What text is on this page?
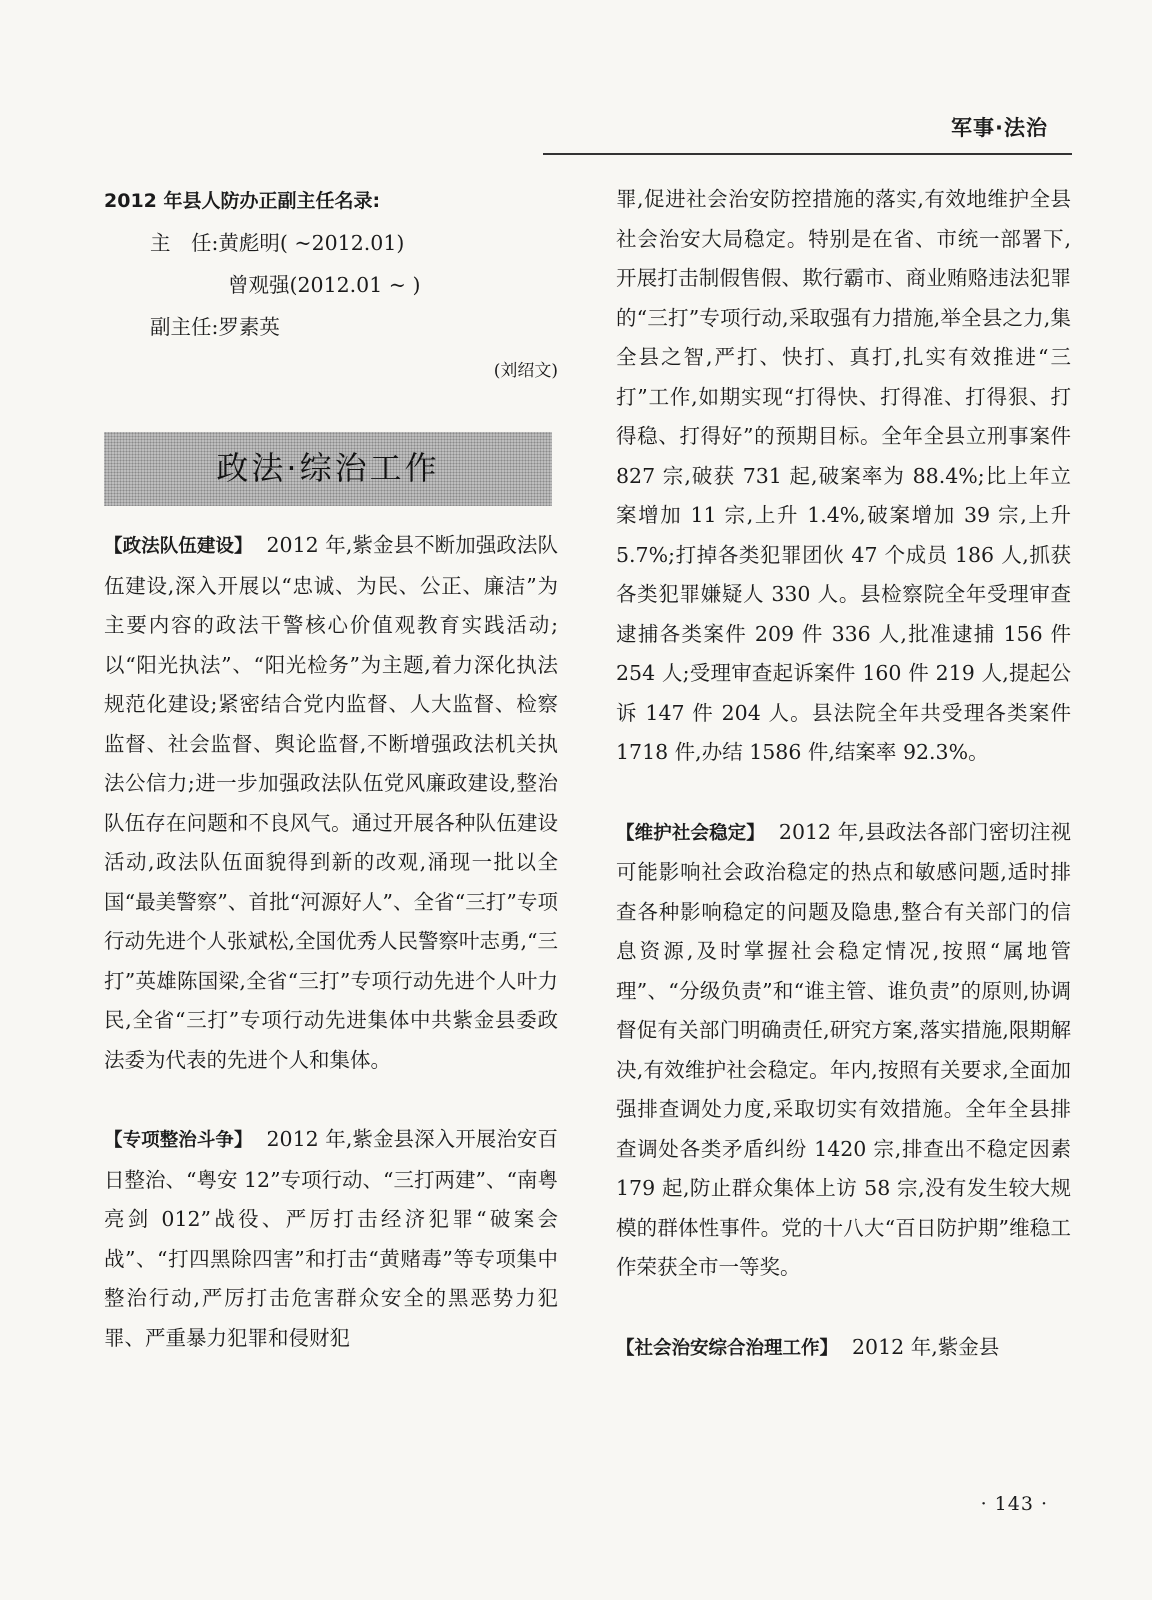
军事·法治
2012 年县人防办正副主任名录:
主　任:黄彪明( ~2012.01)
曾观强(2012.01 ~ )
副主任:罗素英
(刘绍文)
政法·综治工作

【政法队伍建设】 2012 年,紫金县不断加强政法队伍建设,深入开展以“忠诚、为民、公正、廉洁”为主要内容的政法干警核心价值观教育实践活动;以“阳光执法”、“阳光检务”为主题,着力深化执法规范化建设;紧密结合党内监督、人大监督、检察监督、社会监督、舆论监督,不断增强政法机关执法公信力;进一步加强政法队伍党风廉政建设,整治队伍存在问题和不良风气。通过开展各种队伍建设活动,政法队伍面貌得到新的改观,涌现一批以全国“最美警察”、首批“河源好人”、全省“三打”专项行动先进个人张斌松,全国优秀人民警察叶志勇,“三打”英雄陈国梁,全省“三打”专项行动先进个人叶力民,全省“三打”专项行动先进集体中共紫金县委政法委为代表的先进个人和集体。

【专项整治斗争】 2012 年,紫金县深入开展治安百日整治、“粤安 12”专项行动、“三打两建”、“南粤亮剑 012”战役、严厉打击经济犯罪“破案会战”、“打四黑除四害”和打击“黄赌毒”等专项集中整治行动,严厉打击危害群众安全的黑恶势力犯罪、严重暴力犯罪和侵财犯

罪,促进社会治安防控措施的落实,有效地维护全县社会治安大局稳定。特别是在省、市统一部署下,开展打击制假售假、欺行霸市、商业贿赂违法犯罪的“三打”专项行动,采取强有力措施,举全县之力,集全县之智,严打、快打、真打,扎实有效推进“三打”工作,如期实现“打得快、打得准、打得狠、打得稳、打得好”的预期目标。全年全县立刑事案件 827 宗,破获 731 起,破案率为 88.4%;比上年立案增加 11 宗,上升 1.4%,破案增加 39 宗,上升 5.7%;打掉各类犯罪团伙 47 个成员 186 人,抓获各类犯罪嫌疑人 330 人。县检察院全年受理审查逮捕各类案件 209 件 336 人,批准逮捕 156 件 254 人;受理审查起诉案件 160 件 219 人,提起公诉 147 件 204 人。县法院全年共受理各类案件 1718 件,办结 1586 件,结案率 92.3%。

【维护社会稳定】 2012 年,县政法各部门密切注视可能影响社会政治稳定的热点和敏感问题,适时排查各种影响稳定的问题及隐患,整合有关部门的信息资源,及时掌握社会稳定情况,按照“属地管理”、“分级负责”和“谁主管、谁负责”的原则,协调督促有关部门明确责任,研究方案,落实措施,限期解决,有效维护社会稳定。年内,按照有关要求,全面加强排查调处力度,采取切实有效措施。全年全县排查调处各类矛盾纠纷 1420 宗,排查出不稳定因素 179 起,防止群众集体上访 58 宗,没有发生较大规模的群体性事件。党的十八大“百日防护期”维稳工作荣获全市一等奖。

【社会治安综合治理工作】 2012 年,紫金县

· 143 ·
